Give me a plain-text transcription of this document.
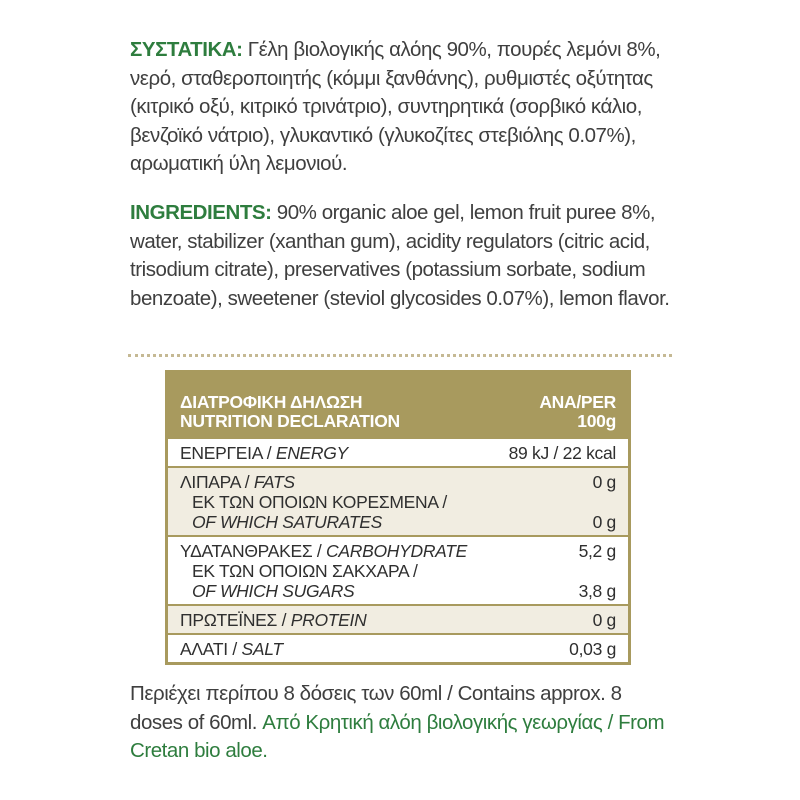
ΣΥΣΤΑΤΙΚΑ: Γέλη βιολογικής αλόης 90%, πουρές λεμόνι 8%, νερό, σταθεροποιητής (κόμμι ξανθάνης), ρυθμιστές οξύτητας (κιτρικό οξύ, κιτρικό τρινάτριο), συντηρητικά (σορβικό κάλιο, βενζοϊκό νάτριο), γλυκαντικό (γλυκοζίτες στεβιόλης 0.07%), αρωματική ύλη λεμονιού.
INGREDIENTS: 90% organic aloe gel, lemon fruit puree 8%, water, stabilizer (xanthan gum), acidity regulators (citric acid, trisodium citrate), preservatives (potassium sorbate, sodium benzoate), sweetener (steviol glycosides 0.07%), lemon flavor.
ΔΙΑΤΡΟΦΙΚΗ ΔΗΛΩΣΗ
NUTRITION DECLARATION
ANA/PER
100g
ΕΝΕΡΓΕΙΑ / ENERGY	89 kJ / 22 kcal
ΛΙΠΑΡΑ / FATS	0 g
ΕΚ ΤΩΝ ΟΠΟΙΩΝ ΚΟΡΕΣΜΕΝΑ /
OF WHICH SATURATES	0 g
ΥΔΑΤΑΝΘΡΑΚΕΣ / CARBOHYDRATE	5,2 g
ΕΚ ΤΩΝ ΟΠΟΙΩΝ ΣΑΚΧΑΡΑ /
OF WHICH SUGARS	3,8 g
ΠΡΩΤΕΪΝΕΣ / PROTEIN	0 g
ΑΛΑΤΙ / SALT	0,03 g
Περιέχει περίπου 8 δόσεις των 60ml / Contains approx. 8 doses of 60ml. Από Κρητική αλόη βιολογικής γεωργίας / From Cretan bio aloe.
